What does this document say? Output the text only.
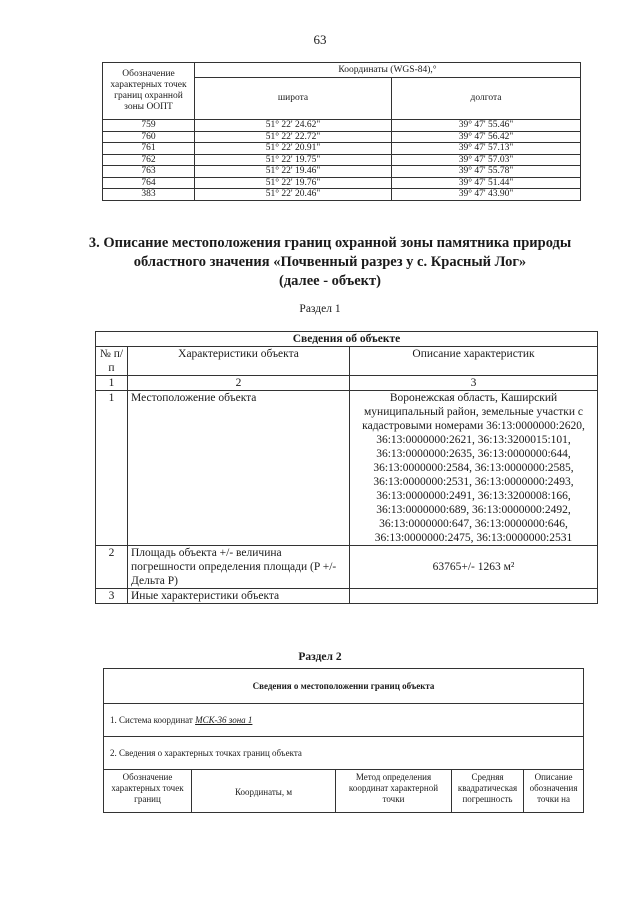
63
Обозначение характерных точек границ охранной зоны ООПТ	Координаты (WGS-84),°	
	широта	долгота
759	51° 22' 24.62"	39° 47' 55.46"
760	51° 22' 22.72"	39° 47' 56.42"
761	51° 22' 20.91"	39° 47' 57.13"
762	51° 22' 19.75"	39° 47' 57.03"
763	51° 22' 19.46"	39° 47' 55.78"
764	51° 22' 19.76"	39° 47' 51.44"
383	51° 22' 20.46"	39° 47' 43.90"
3. Описание местоположения границ охранной зоны памятника природы
областного значения «Почвенный разрез у с. Красный Лог»
(далее - объект)
Раздел 1
Сведения об объекте		
№ п/п	Характеристики объекта	Описание характеристик
1	2	3
1	Местоположение объекта	Воронежская область, Каширский муниципальный район, земельные участки с кадастровыми номерами 36:13:0000000:2620, 36:13:0000000:2621, 36:13:3200015:101, 36:13:0000000:2635, 36:13:0000000:644, 36:13:0000000:2584, 36:13:0000000:2585, 36:13:0000000:2531, 36:13:0000000:2493, 36:13:0000000:2491, 36:13:3200008:166, 36:13:0000000:689, 36:13:0000000:2492, 36:13:0000000:647, 36:13:0000000:646, 36:13:0000000:2475, 36:13:0000000:2531
2	Площадь объекта +/- величина погрешности определения площади (P +/- Дельта P)	63765+/- 1263 м²
3	Иные характеристики объекта	
Раздел 2
Сведения о местоположении границ объекта
1. Система координат МСК-36 зона 1
2. Сведения о характерных точках границ объекта
Обозначение характерных точек границ	Координаты, м	Метод определения координат характерной точки	Средняя квадратическая погрешность	Описание обозначения точки на
